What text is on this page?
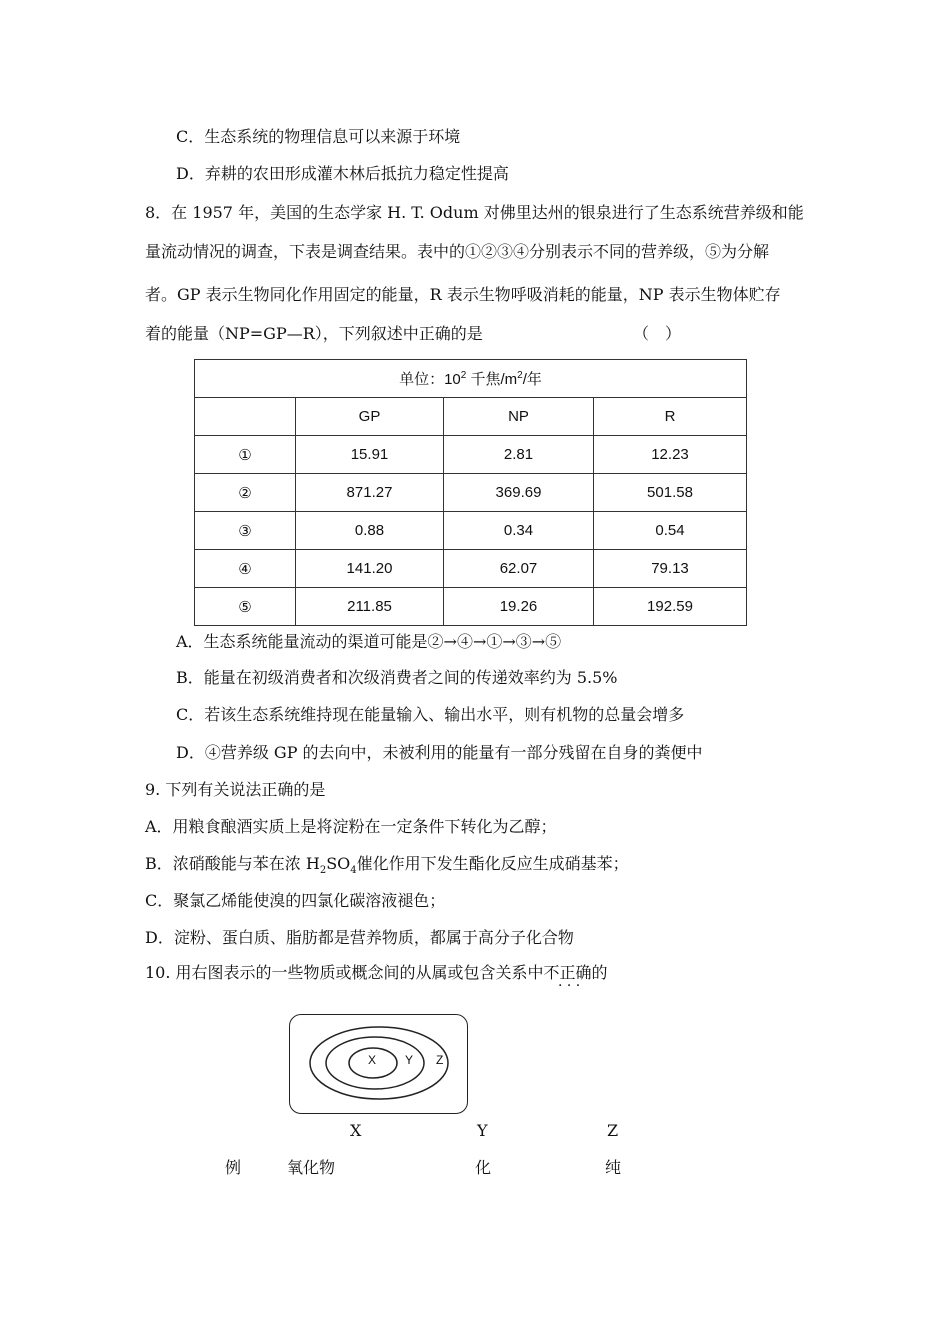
C．生态系统的物理信息可以来源于环境
D．弃耕的农田形成灌木林后抵抗力稳定性提高
8．在 1957 年，美国的生态学家 H. T. Odum 对佛里达州的银泉进行了生态系统营养级和能
量流动情况的调查，下表是调查结果。表中的①②③④分别表示不同的营养级，⑤为分解
者。GP 表示生物同化作用固定的能量，R 表示生物呼吸消耗的能量，NP 表示生物体贮存
着的能量（NP=GP—R），下列叙述中正确的是	（　）
单位：$10^2$ 千焦$/m^2/$年			
	GP	NP	R
①	15.91	2.81	12.23
②	871.27	369.69	501.58
③	0.88	0.34	0.54
④	141.20	62.07	79.13
⑤	211.85	19.26	192.59
A．生态系统能量流动的渠道可能是②→④→①→③→⑤
B．能量在初级消费者和次级消费者之间的传递效率约为 5.5%
C．若该生态系统维持现在能量输入、输出水平，则有机物的总量会增多
D．④营养级 GP 的去向中，未被利用的能量有一部分残留在自身的粪便中
9. 下列有关说法正确的是
A．用粮食酿酒实质上是将淀粉在一定条件下转化为乙醇；
B．浓硝酸能与苯在浓 $H_2SO_4$催化作用下发生酯化反应生成硝基苯；
C．聚氯乙烯能使溴的四氯化碳溶液褪色；
D．淀粉、蛋白质、脂肪都是营养物质，都属于高分子化合物
10. 用右图表示的一些物质或概念间的从属或包含关系中不正确的
· · ·
X Y Z
X	Y	Z
例	氧化物	化	纯
